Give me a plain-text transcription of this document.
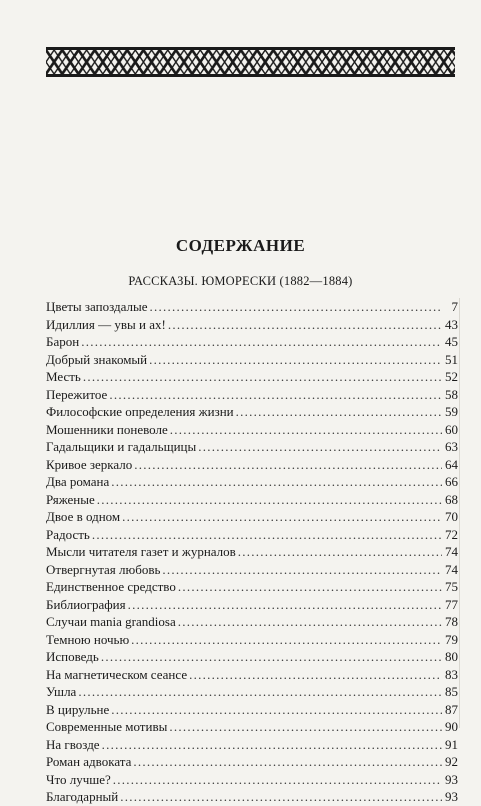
СОДЕРЖАНИЕ
РАССКАЗЫ. ЮМОРЕСКИ (1882—1884)
Цветы запоздалые . . .	7
Идиллия — увы и ах! . . .	43
Барон . . .	45
Добрый знакомый . . .	51
Месть . . .	52
Пережитое . . .	58
Философские определения жизни . . .	59
Мошенники поневоле . . .	60
Гадальщики и гадальщицы . . .	63
Кривое зеркало . . .	64
Два романа . . .	66
Ряженые . . .	68
Двое в одном . . .	70
Радость . . .	72
Мысли читателя газет и журналов . . .	74
Отвергнутая любовь . . .	74
Единственное средство . . .	75
Библиография . . .	77
Случаи mania grandiosa . . .	78
Темною ночью . . .	79
Исповедь . . .	80
На магнетическом сеансе . . .	83
Ушла . . .	85
В цирульне . . .	87
Современные мотивы . . .	90
На гвозде . . .	91
Роман адвоката . . .	92
Что лучше? . . .	93
Благодарный . . .	93
